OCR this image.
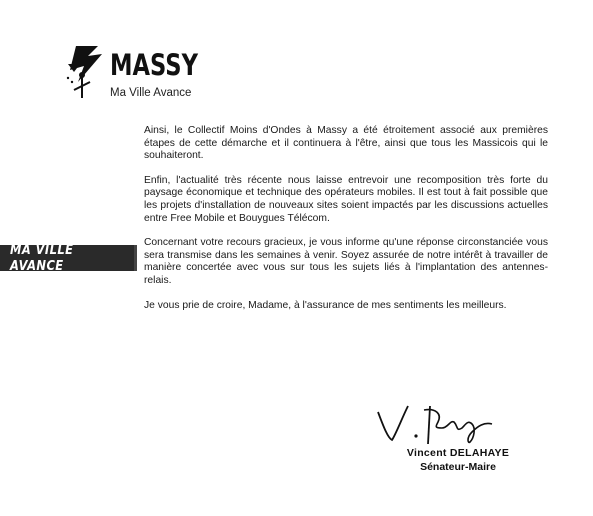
MASSY
Ma Ville Avance
MA VILLE AVANCE

Ainsi, le Collectif Moins d'Ondes à Massy a été étroitement associé aux premières étapes de cette démarche et il continuera à l'être, ainsi que tous les Massicois qui le souhaiteront.

Enfin, l'actualité très récente nous laisse entrevoir une recomposition très forte du paysage économique et technique des opérateurs mobiles. Il est tout à fait possible que les projets d'installation de nouveaux sites soient impactés par les discussions actuelles entre Free Mobile et Bouygues Télécom.

Concernant votre recours gracieux, je vous informe qu'une réponse circonstanciée vous sera transmise dans les semaines à venir. Soyez assurée de notre intérêt à travailler de manière concertée avec vous sur tous les sujets liés à l'implantation des antennes-relais.

Je vous prie de croire, Madame, à l'assurance de mes sentiments les meilleurs.

Vincent DELAHAYE
Sénateur-Maire
